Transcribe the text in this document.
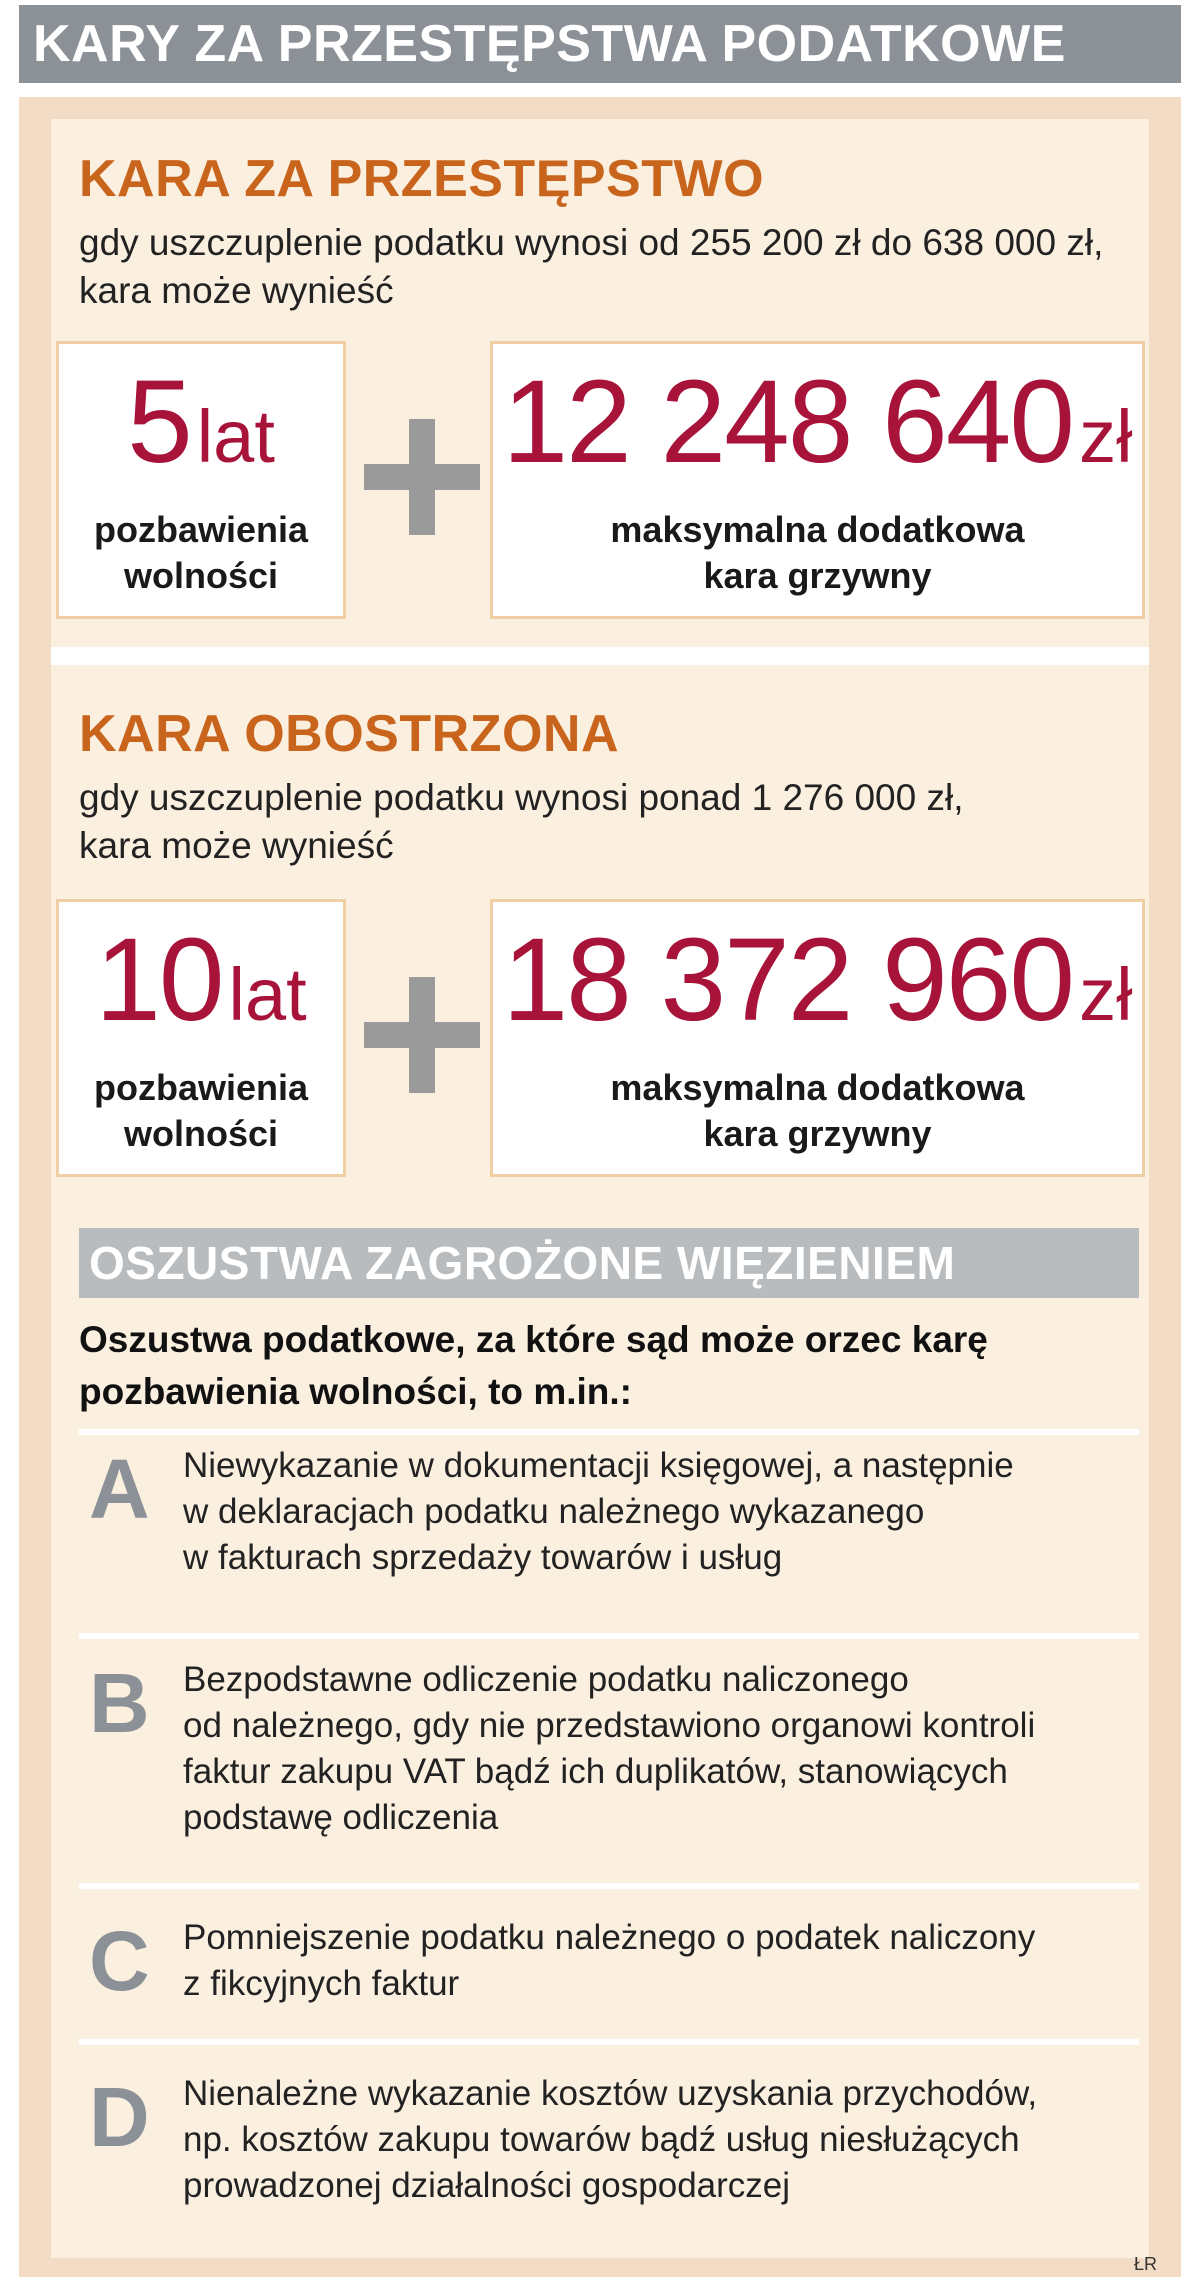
KARY ZA PRZESTĘPSTWA PODATKOWE
KARA ZA PRZESTĘPSTWO
gdy uszczuplenie podatku wynosi od 255 200 zł do 638 000 zł,
kara może wynieść
5lat
pozbawienia
wolności
12 248 640zł
maksymalna dodatkowa
kara grzywny
KARA OBOSTRZONA
gdy uszczuplenie podatku wynosi ponad 1 276 000 zł,
kara może wynieść
10lat
pozbawienia
wolności
18 372 960zł
maksymalna dodatkowa
kara grzywny
OSZUSTWA ZAGROŻONE WIĘZIENIEM
Oszustwa podatkowe, za które sąd może orzec karę
pozbawienia wolności, to m.in.:
A Niewykazanie w dokumentacji księgowej, a następnie
w deklaracjach podatku należnego wykazanego
w fakturach sprzedaży towarów i usług
B Bezpodstawne odliczenie podatku naliczonego
od należnego, gdy nie przedstawiono organowi kontroli
faktur zakupu VAT bądź ich duplikatów, stanowiących
podstawę odliczenia
C Pomniejszenie podatku należnego o podatek naliczony
z fikcyjnych faktur
D Nienależne wykazanie kosztów uzyskania przychodów,
np. kosztów zakupu towarów bądź usług niesłużących
prowadzonej działalności gospodarczej
ŁR
